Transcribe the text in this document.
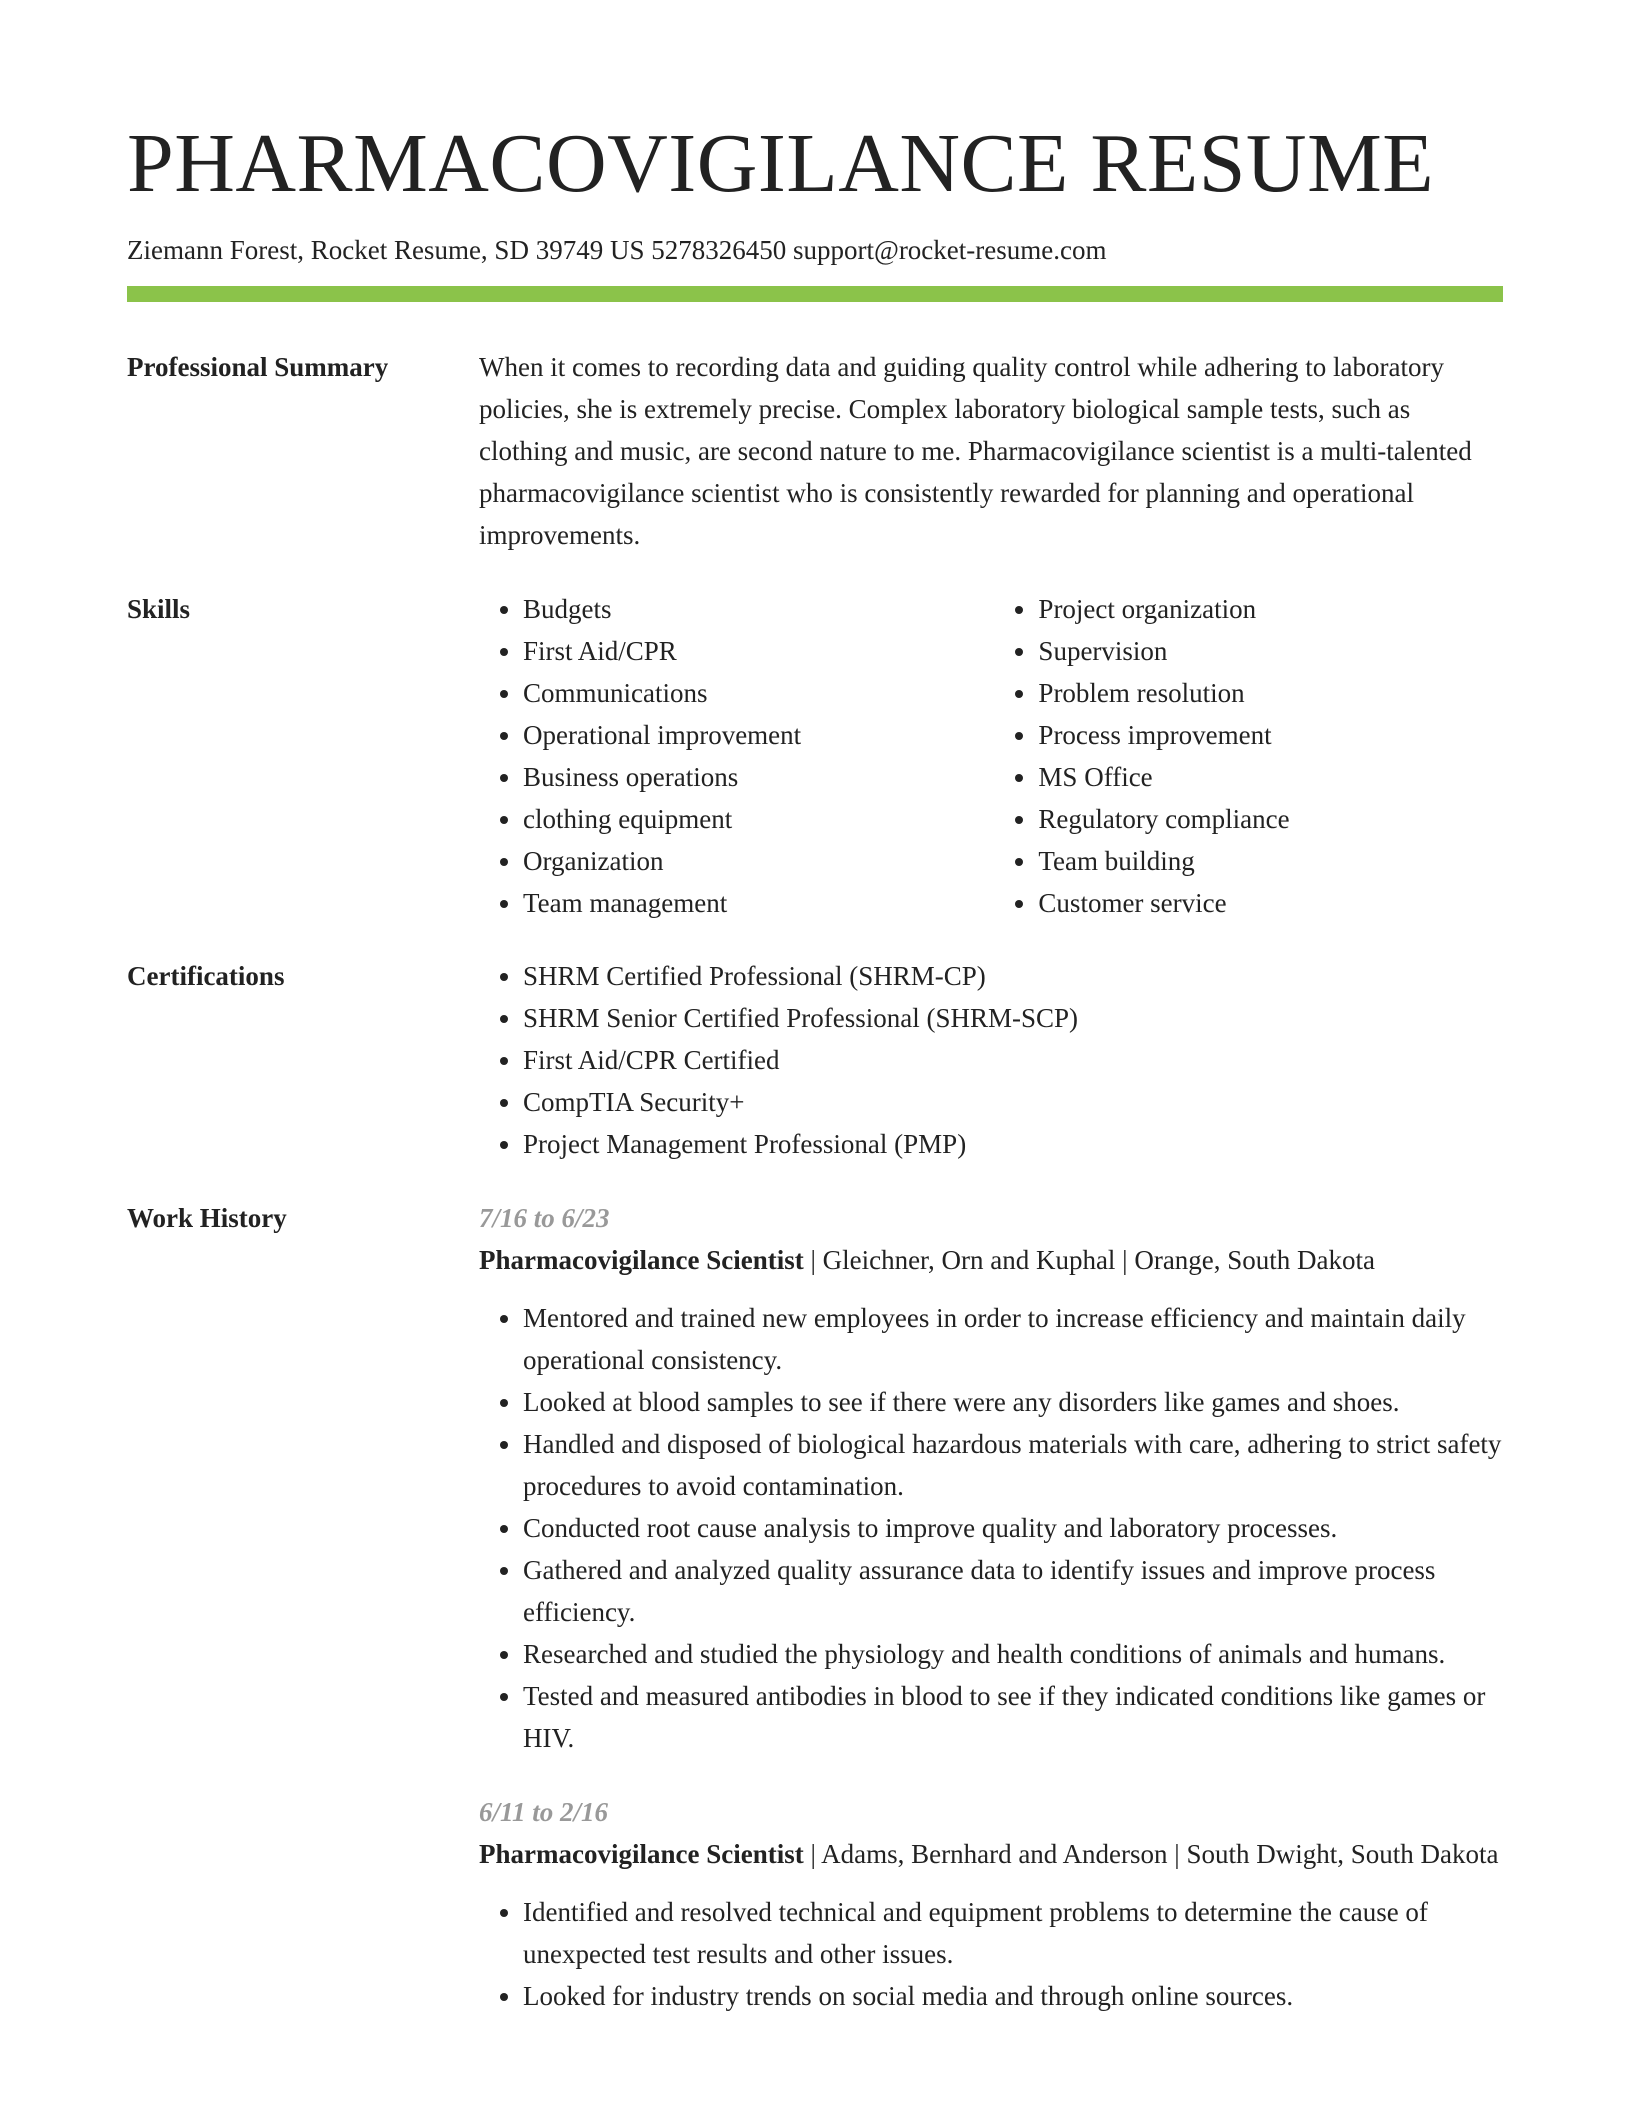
PHARMACOVIGILANCE RESUME
Ziemann Forest, Rocket Resume, SD 39749 US 5278326450 support@rocket-resume.com
Professional Summary	When it comes to recording data and guiding quality control while adhering to laboratory policies, she is extremely precise. Complex laboratory biological sample tests, such as clothing and music, are second nature to me. Pharmacovigilance scientist is a multi-talented pharmacovigilance scientist who is consistently rewarded for planning and operational improvements.

Skills	• Budgets
• First Aid/CPR
• Communications
• Operational improvement
• Business operations
• clothing equipment
• Organization
• Team management
• Project organization
• Supervision
• Problem resolution
• Process improvement
• MS Office
• Regulatory compliance
• Team building
• Customer service
Certifications	• SHRM Certified Professional (SHRM-CP)
• SHRM Senior Certified Professional (SHRM-SCP)
• First Aid/CPR Certified
• CompTIA Security+
• Project Management Professional (PMP)
Work History	7/16 to 6/23
Pharmacovigilance Scientist | Gleichner, Orn and Kuphal | Orange, South Dakota
• Mentored and trained new employees in order to increase efficiency and maintain daily operational consistency.
• Looked at blood samples to see if there were any disorders like games and shoes.
• Handled and disposed of biological hazardous materials with care, adhering to strict safety procedures to avoid contamination.
• Conducted root cause analysis to improve quality and laboratory processes.
• Gathered and analyzed quality assurance data to identify issues and improve process efficiency.
• Researched and studied the physiology and health conditions of animals and humans.
• Tested and measured antibodies in blood to see if they indicated conditions like games or HIV.
6/11 to 2/16
Pharmacovigilance Scientist | Adams, Bernhard and Anderson | South Dwight, South Dakota
• Identified and resolved technical and equipment problems to determine the cause of unexpected test results and other issues.
• Looked for industry trends on social media and through online sources.
